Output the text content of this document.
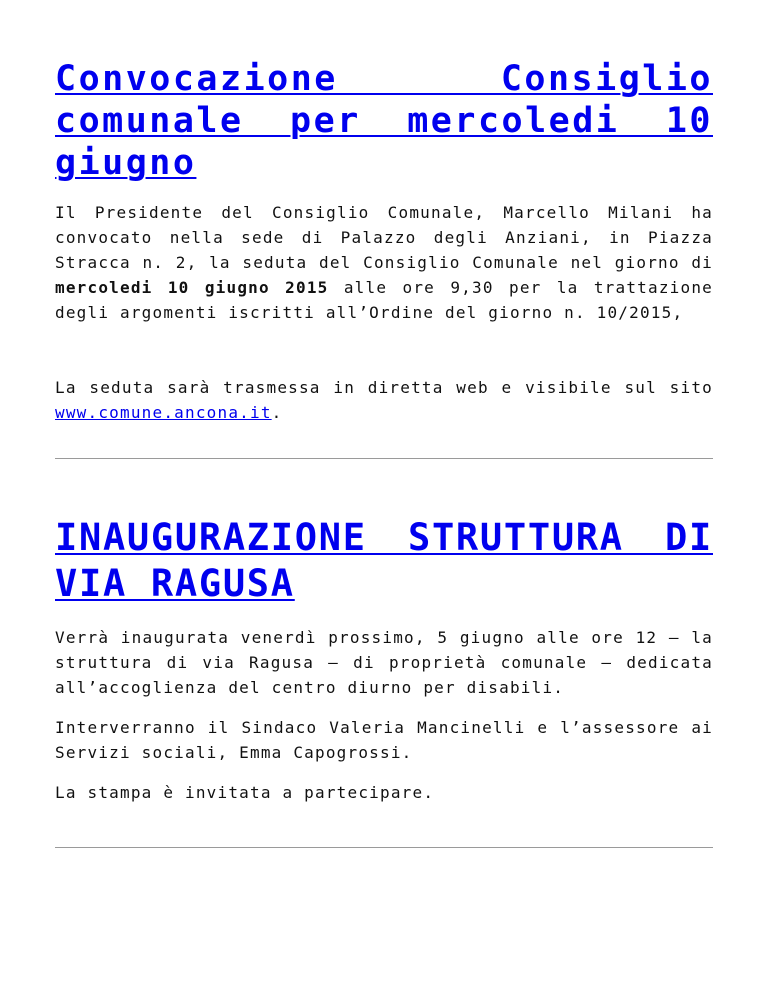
Convocazione Consiglio comunale per mercoledi 10 giugno

Il Presidente del Consiglio Comunale, Marcello Milani ha convocato nella sede di Palazzo degli Anziani, in Piazza Stracca n. 2, la seduta del Consiglio Comunale nel giorno di mercoledi 10 giugno 2015 alle ore 9,30 per la trattazione degli argomenti iscritti all’Ordine del giorno n. 10/2015,

La seduta sarà trasmessa in diretta web e visibile sul sito www.comune.ancona.it.

INAUGURAZIONE STRUTTURA DI VIA RAGUSA

Verrà inaugurata venerdì prossimo, 5 giugno alle ore 12 – la struttura di via Ragusa – di proprietà comunale – dedicata all’accoglienza del centro diurno per disabili.

Interverranno il Sindaco Valeria Mancinelli e l’assessore ai Servizi sociali, Emma Capogrossi.

La stampa è invitata a partecipare.
